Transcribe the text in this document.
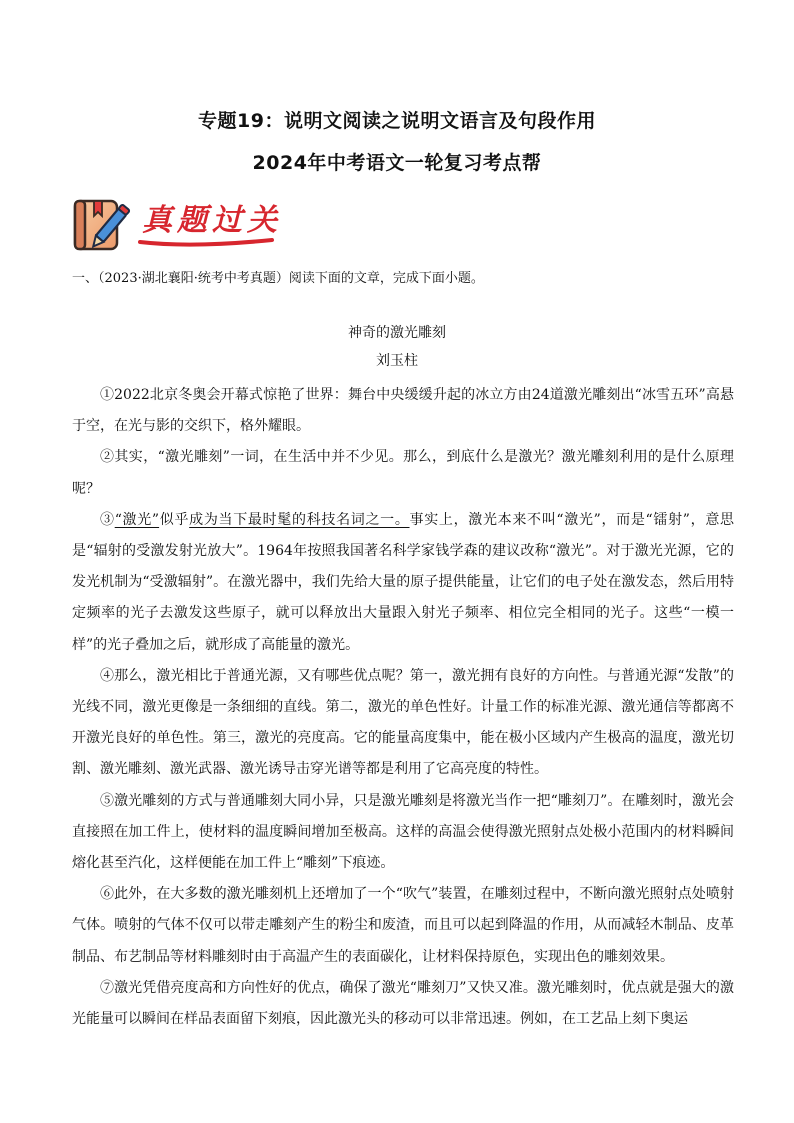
专题19：说明文阅读之说明文语言及句段作用
2024年中考语文一轮复习考点帮
真题过关
一、（2023·湖北襄阳·统考中考真题）阅读下面的文章，完成下面小题。
神奇的激光雕刻
刘玉柱

①2022北京冬奥会开幕式惊艳了世界：舞台中央缓缓升起的冰立方由24道激光雕刻出“冰雪五环”高悬于空，在光与影的交织下，格外耀眼。

②其实，“激光雕刻”一词，在生活中并不少见。那么，到底什么是激光？激光雕刻利用的是什么原理呢？

③“激光”似乎成为当下最时髦的科技名词之一。事实上，激光本来不叫“激光”，而是“镭射”，意思是“辐射的受激发射光放大”。1964年按照我国著名科学家钱学森的建议改称“激光”。对于激光光源，它的发光机制为“受激辐射”。在激光器中，我们先给大量的原子提供能量，让它们的电子处在激发态，然后用特定频率的光子去激发这些原子，就可以释放出大量跟入射光子频率、相位完全相同的光子。这些“一模一样”的光子叠加之后，就形成了高能量的激光。

④那么，激光相比于普通光源，又有哪些优点呢？第一，激光拥有良好的方向性。与普通光源“发散”的光线不同，激光更像是一条细细的直线。第二，激光的单色性好。计量工作的标准光源、激光通信等都离不开激光良好的单色性。第三，激光的亮度高。它的能量高度集中，能在极小区域内产生极高的温度，激光切割、激光雕刻、激光武器、激光诱导击穿光谱等都是利用了它高亮度的特性。

⑤激光雕刻的方式与普通雕刻大同小异，只是激光雕刻是将激光当作一把“雕刻刀”。在雕刻时，激光会直接照在加工件上，使材料的温度瞬间增加至极高。这样的高温会使得激光照射点处极小范围内的材料瞬间熔化甚至汽化，这样便能在加工件上“雕刻”下痕迹。

⑥此外，在大多数的激光雕刻机上还增加了一个“吹气”装置，在雕刻过程中，不断向激光照射点处喷射气体。喷射的气体不仅可以带走雕刻产生的粉尘和废渣，而且可以起到降温的作用，从而减轻木制品、皮革制品、布艺制品等材料雕刻时由于高温产生的表面碳化，让材料保持原色，实现出色的雕刻效果。

⑦激光凭借亮度高和方向性好的优点，确保了激光“雕刻刀”又快又准。激光雕刻时，优点就是强大的激光能量可以瞬间在样品表面留下刻痕，因此激光头的移动可以非常迅速。例如，在工艺品上刻下奥运
